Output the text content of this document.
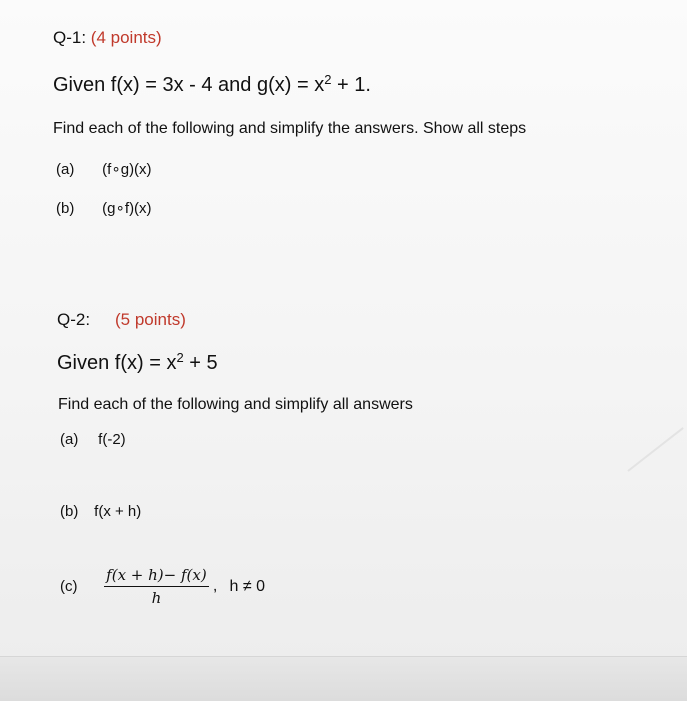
Q-1: (4 points)
Given f(x) = 3x - 4 and $g(x) = x^2 + 1$.
Find each of the following and simplify the answers. Show all steps
(a) (f∘g)(x)
(b) (g∘f)(x)
Q-2: (5 points)
Given $f(x) = x^2 + 5$
Find each of the following and simplify all answers
(a) f(-2)
(b) f(x + h)
$(c) \frac{f(x + h)- f(x)}{h}$ , h ≠ 0
